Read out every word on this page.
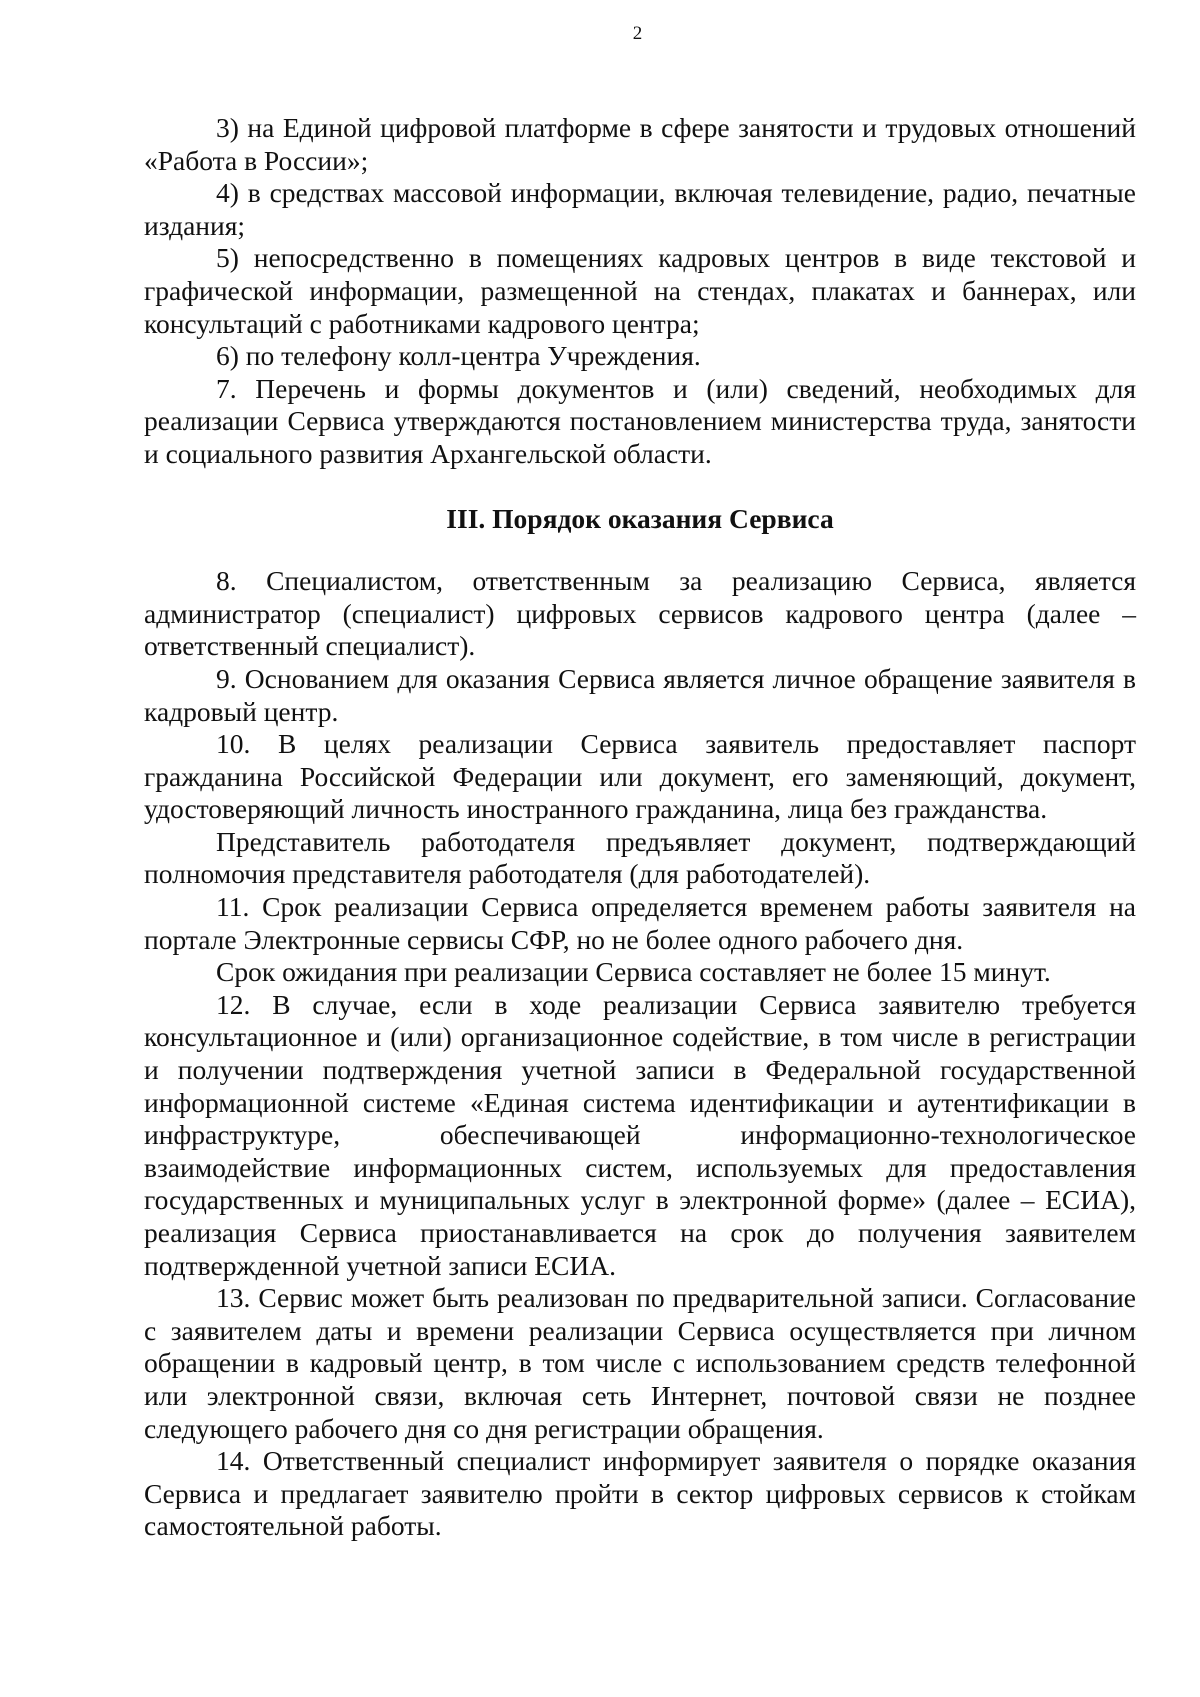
2

3) на Единой цифровой платформе в сфере занятости и трудовых отношений «Работа в России»;

4) в средствах массовой информации, включая телевидение, радио, печатные издания;

5) непосредственно в помещениях кадровых центров в виде текстовой и графической информации, размещенной на стендах, плакатах и баннерах, или консультаций с работниками кадрового центра;

6) по телефону колл-центра Учреждения.

7. Перечень и формы документов и (или) сведений, необходимых для реализации Сервиса утверждаются постановлением министерства труда, занятости и социального развития Архангельской области.

III. Порядок оказания Сервиса

8. Специалистом, ответственным за реализацию Сервиса, является администратор (специалист) цифровых сервисов кадрового центра (далее – ответственный специалист).

9. Основанием для оказания Сервиса является личное обращение заявителя в кадровый центр.

10. В целях реализации Сервиса заявитель предоставляет паспорт гражданина Российской Федерации или документ, его заменяющий, документ, удостоверяющий личность иностранного гражданина, лица без гражданства.

Представитель работодателя предъявляет документ, подтверждающий полномочия представителя работодателя (для работодателей).

11. Срок реализации Сервиса определяется временем работы заявителя на портале Электронные сервисы СФР, но не более одного рабочего дня.

Срок ожидания при реализации Сервиса составляет не более 15 минут.

12. В случае, если в ходе реализации Сервиса заявителю требуется консультационное и (или) организационное содействие, в том числе в регистрации и получении подтверждения учетной записи в Федеральной государственной информационной системе «Единая система идентификации и аутентификации в инфраструктуре, обеспечивающей информационно-технологическое взаимодействие информационных систем, используемых для предоставления государственных и муниципальных услуг в электронной форме» (далее – ЕСИА), реализация Сервиса приостанавливается на срок до получения заявителем подтвержденной учетной записи ЕСИА.

13. Сервис может быть реализован по предварительной записи. Согласование с заявителем даты и времени реализации Сервиса осуществляется при личном обращении в кадровый центр, в том числе с использованием средств телефонной или электронной связи, включая сеть Интернет, почтовой связи не позднее следующего рабочего дня со дня регистрации обращения.

14. Ответственный специалист информирует заявителя о порядке оказания Сервиса и предлагает заявителю пройти в сектор цифровых сервисов к стойкам самостоятельной работы.
